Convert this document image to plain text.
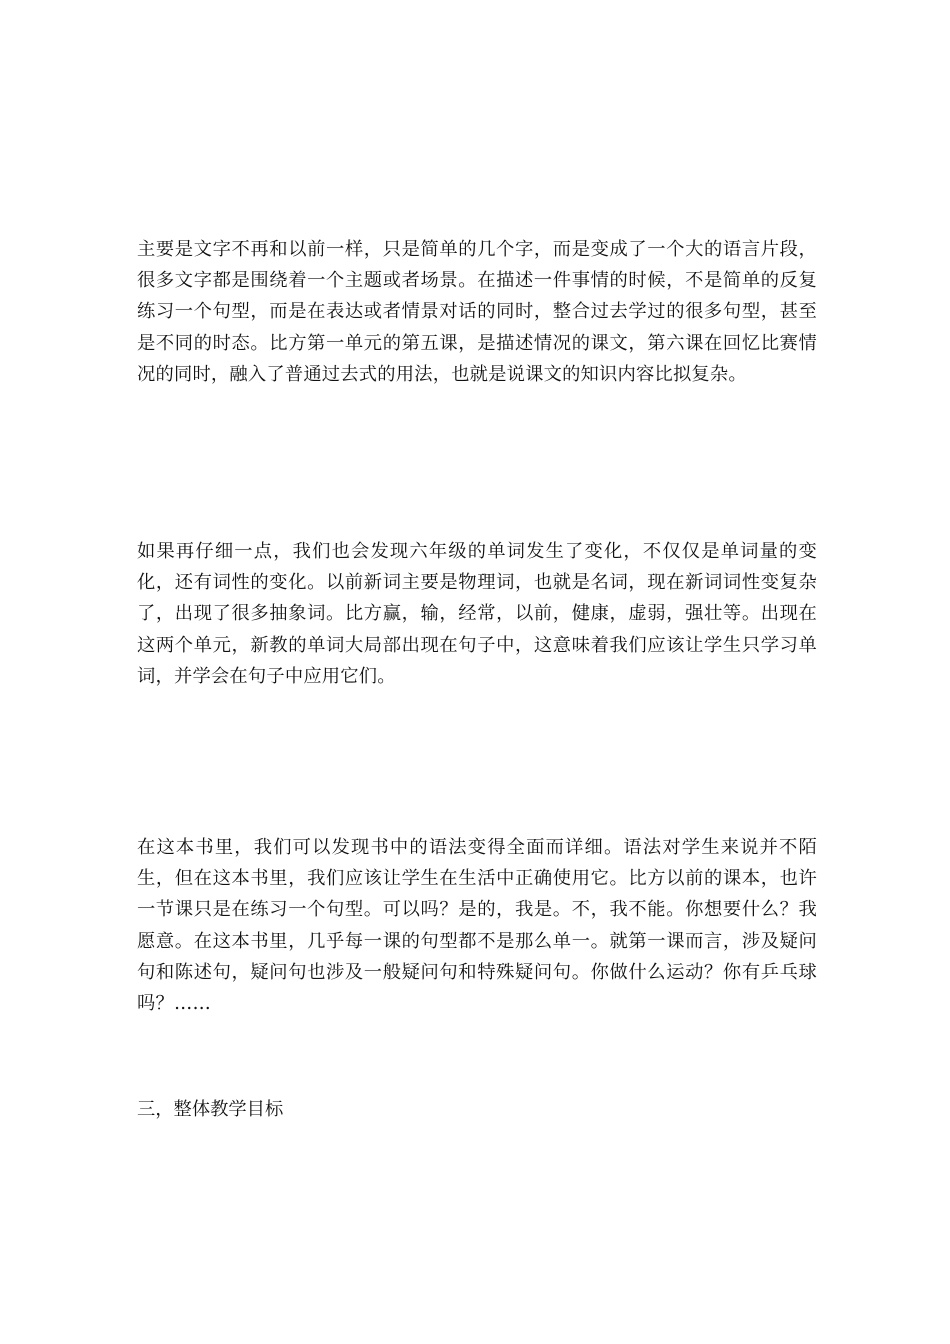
主要是文字不再和以前一样，只是简单的几个字，而是变成了一个大的语言片段，很多文字都是围绕着一个主题或者场景。在描述一件事情的时候，不是简单的反复练习一个句型，而是在表达或者情景对话的同时，整合过去学过的很多句型，甚至是不同的时态。比方第一单元的第五课，是描述情况的课文，第六课在回忆比赛情况的同时，融入了普通过去式的用法，也就是说课文的知识内容比拟复杂。

如果再仔细一点，我们也会发现六年级的单词发生了变化，不仅仅是单词量的变化，还有词性的变化。以前新词主要是物理词，也就是名词，现在新词词性变复杂了，出现了很多抽象词。比方赢，输，经常，以前，健康，虚弱，强壮等。出现在这两个单元，新教的单词大局部出现在句子中，这意味着我们应该让学生只学习单词，并学会在句子中应用它们。

在这本书里，我们可以发现书中的语法变得全面而详细。语法对学生来说并不陌生，但在这本书里，我们应该让学生在生活中正确使用它。比方以前的课本，也许一节课只是在练习一个句型。可以吗？是的，我是。不，我不能。你想要什么？我愿意。在这本书里，几乎每一课的句型都不是那么单一。就第一课而言，涉及疑问句和陈述句，疑问句也涉及一般疑问句和特殊疑问句。你做什么运动？你有乒乓球吗？……

三，整体教学目标
